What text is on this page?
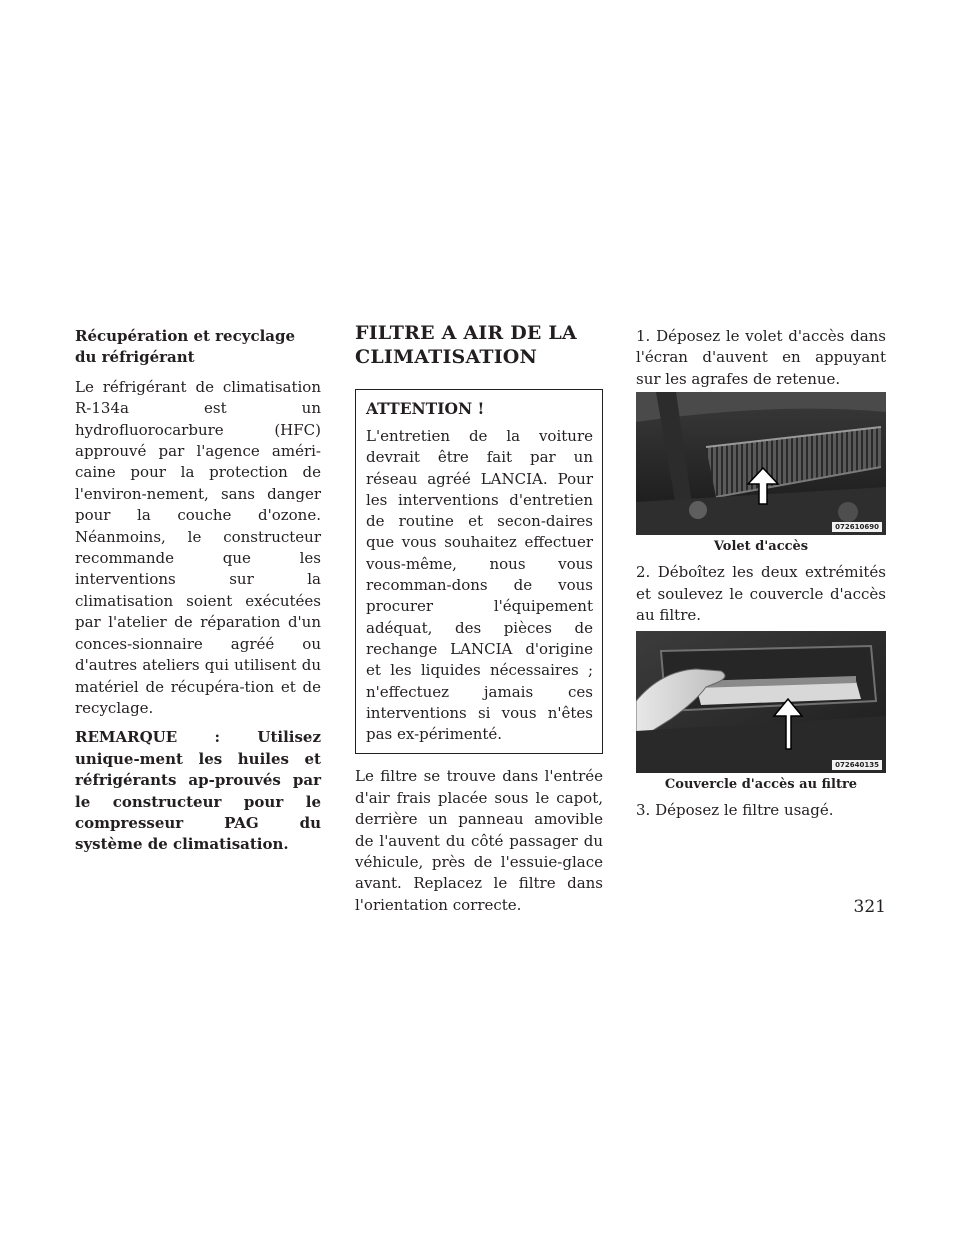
Récupération et recyclage du réfrigérant

Le réfrigérant de climatisation R-134a est un hydrofluorocarbure (HFC) approuvé par l'agence améri-caine pour la protection de l'environ-nement, sans danger pour la couche d'ozone. Néanmoins, le constructeur recommande que les interventions sur la climatisation soient exécutées par l'atelier de réparation d'un conces-sionnaire agréé ou d'autres ateliers qui utilisent du matériel de récupéra-tion et de recyclage.

REMARQUE : Utilisez unique-ment les huiles et réfrigérants ap-prouvés par le constructeur pour le compresseur PAG du système de climatisation.

FILTRE A AIR DE LA CLIMATISATION
ATTENTION !

L'entretien de la voiture devrait être fait par un réseau agréé LANCIA. Pour les interventions d'entretien de routine et secon-daires que vous souhaitez effectuer vous-même, nous vous recomman-dons de vous procurer l'équipement adéquat, des pièces de rechange LANCIA d'origine et les liquides nécessaires ; n'effectuez jamais ces interventions si vous n'êtes pas ex-périmenté.

Le filtre se trouve dans l'entrée d'air frais placée sous le capot, derrière un panneau amovible de l'auvent du côté passager du véhicule, près de l'essuie-glace avant. Replacez le filtre dans l'orientation correcte.

1. Déposez le volet d'accès dans l'écran d'auvent en appuyant sur les agrafes de retenue.

072610690
Volet d'accès

2. Déboîtez les deux extrémités et soulevez le couvercle d'accès au filtre.

072640135
Couvercle d'accès au filtre

3. Déposez le filtre usagé.

321
